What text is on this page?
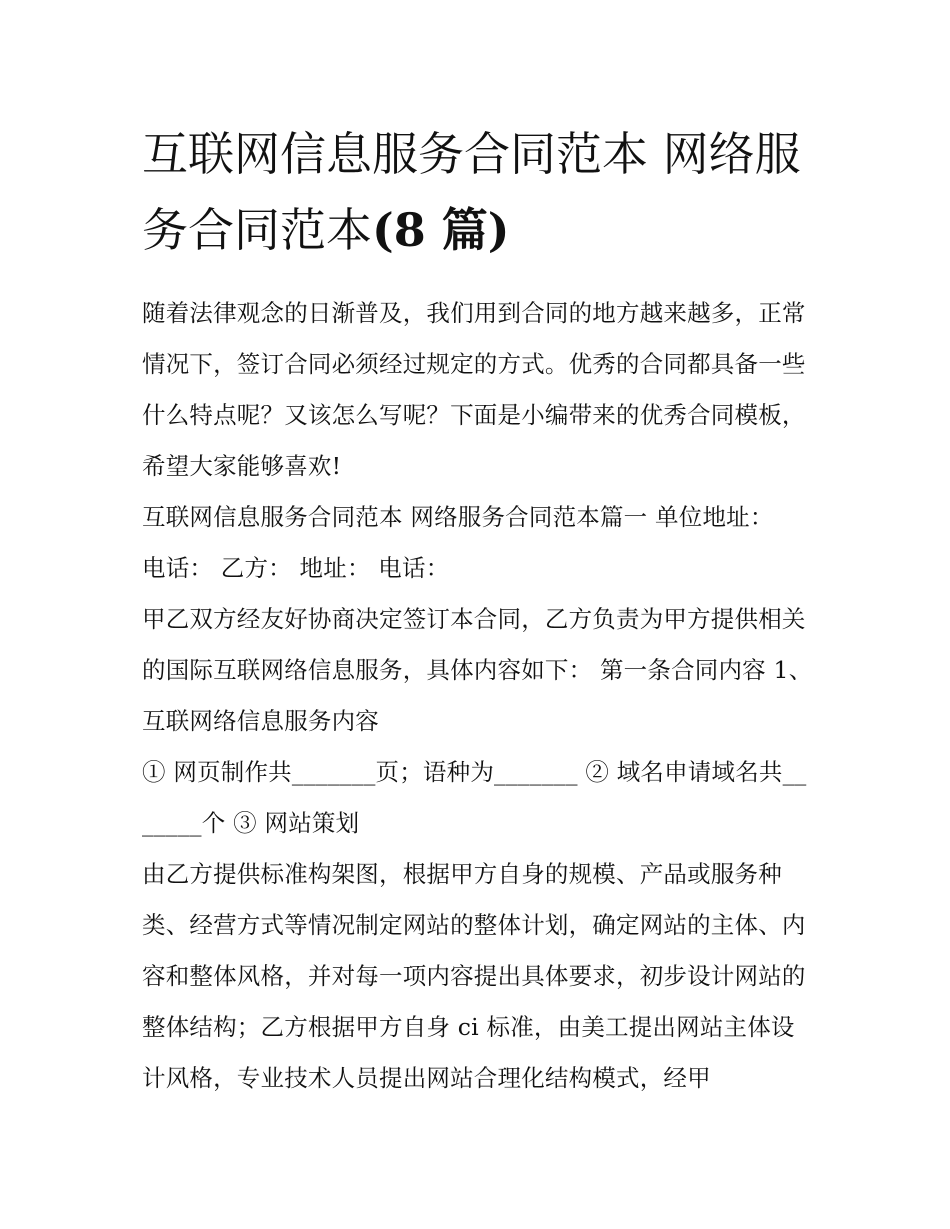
互联网信息服务合同范本 网络服务合同范本(8 篇)

随着法律观念的日渐普及，我们用到合同的地方越来越多，正常情况下，签订合同必须经过规定的方式。优秀的合同都具备一些什么特点呢？又该怎么写呢？下面是小编带来的优秀合同模板，希望大家能够喜欢!

互联网信息服务合同范本 网络服务合同范本篇一 单位地址：

电话： 乙方： 地址： 电话：

甲乙双方经友好协商决定签订本合同，乙方负责为甲方提供相关的国际互联网络信息服务，具体内容如下： 第一条合同内容 1、互联网络信息服务内容

① 网页制作共_______页；语种为_______ ② 域名申请域名共_______个 ③ 网站策划

由乙方提供标准构架图，根据甲方自身的规模、产品或服务种类、经营方式等情况制定网站的整体计划，确定网站的主体、内容和整体风格，并对每一项内容提出具体要求，初步设计网站的整体结构；乙方根据甲方自身 ci 标准，由美工提出网站主体设计风格，专业技术人员提出网站合理化结构模式，经甲
